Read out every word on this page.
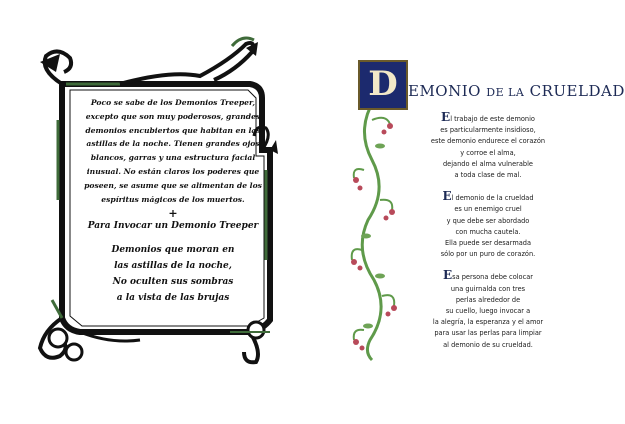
Poco se sabe de los Demonios Treeper,
excepto que son muy poderosos, grandes
demonios encubiertos que habitan en las
astillas de la noche. Tienen grandes ojos
blancos, garras y una estructura facial
inusual. No están claros los poderes que
poseen, se asume que se alimentan de los
espíritus mágicos de los muertos.
+
Para Invocar un Demonio Treeper
Demonios que moran en
las astillas de la noche,
No oculten sus sombras
a la vista de las brujas
D EMONIO DE LA CRUELDAD
El trabajo de este demonio
es particularmente insidioso,
este demonio endurece el corazón
y corroe el alma,
dejando el alma vulnerable
a toda clase de mal.
El demonio de la crueldad
es un enemigo cruel
y que debe ser abordado
con mucha cautela.
Ella puede ser desarmada
sólo por un puro de corazón.
Esa persona debe colocar
una guirnalda con tres
perlas alrededor de
su cuello, luego invocar a
la alegría, la esperanza y el amor
para usar las perlas para limpiar
al demonio de su crueldad.
